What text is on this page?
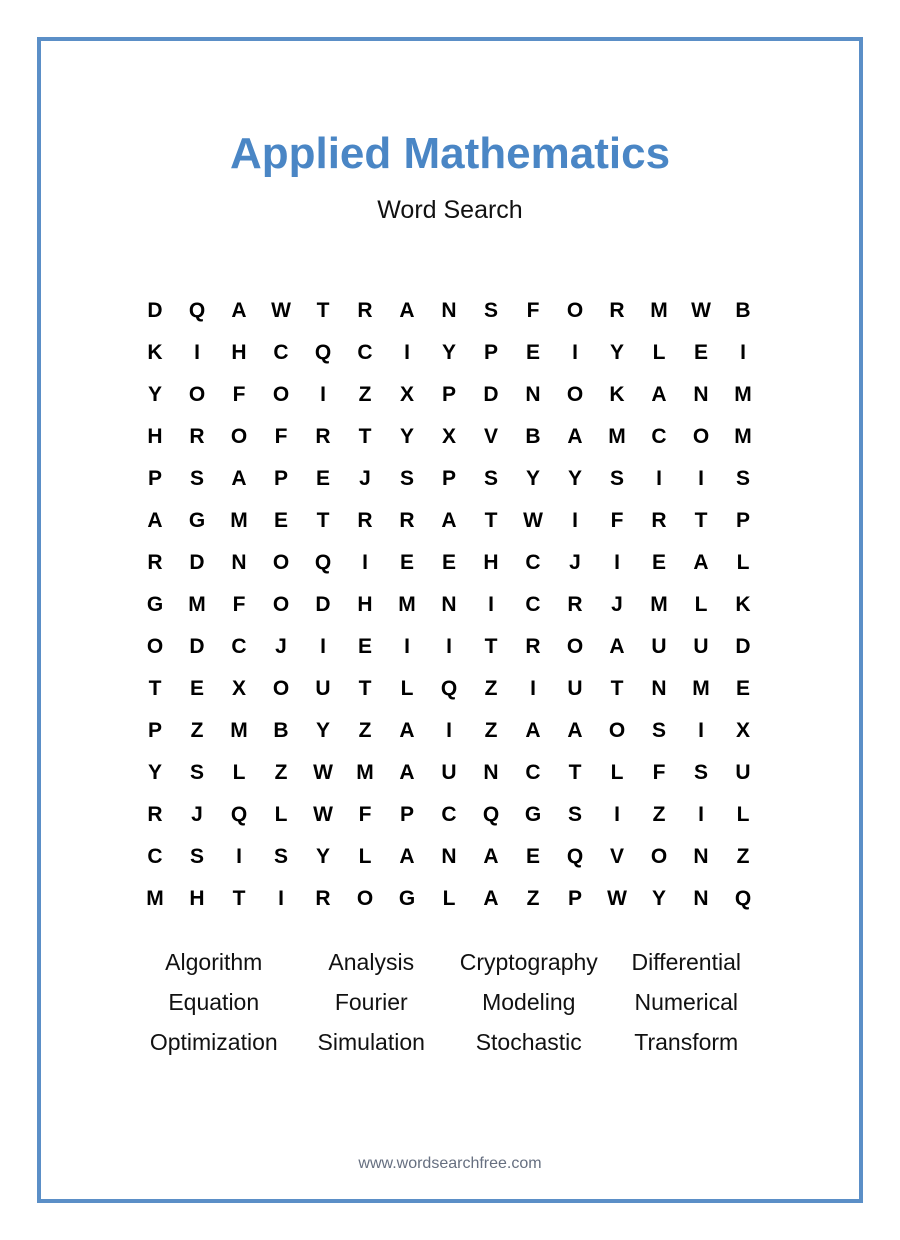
Applied Mathematics
Word Search
D	Q	A	W	T	R	A	N	S	F	O	R	M	W	B
K	I	H	C	Q	C	I	Y	P	E	I	Y	L	E	I
Y	O	F	O	I	Z	X	P	D	N	O	K	A	N	M
H	R	O	F	R	T	Y	X	V	B	A	M	C	O	M
P	S	A	P	E	J	S	P	S	Y	Y	S	I	I	S
A	G	M	E	T	R	R	A	T	W	I	F	R	T	P
R	D	N	O	Q	I	E	E	H	C	J	I	E	A	L
G	M	F	O	D	H	M	N	I	C	R	J	M	L	K
O	D	C	J	I	E	I	I	T	R	O	A	U	U	D
T	E	X	O	U	T	L	Q	Z	I	U	T	N	M	E
P	Z	M	B	Y	Z	A	I	Z	A	A	O	S	I	X
Y	S	L	Z	W	M	A	U	N	C	T	L	F	S	U
R	J	Q	L	W	F	P	C	Q	G	S	I	Z	I	L
C	S	I	S	Y	L	A	N	A	E	Q	V	O	N	Z
M	H	T	I	R	O	G	L	A	Z	P	W	Y	N	Q
Algorithm	Analysis	Cryptography	Differential
Equation	Fourier	Modeling	Numerical
Optimization	Simulation	Stochastic	Transform
www.wordsearchfree.com
